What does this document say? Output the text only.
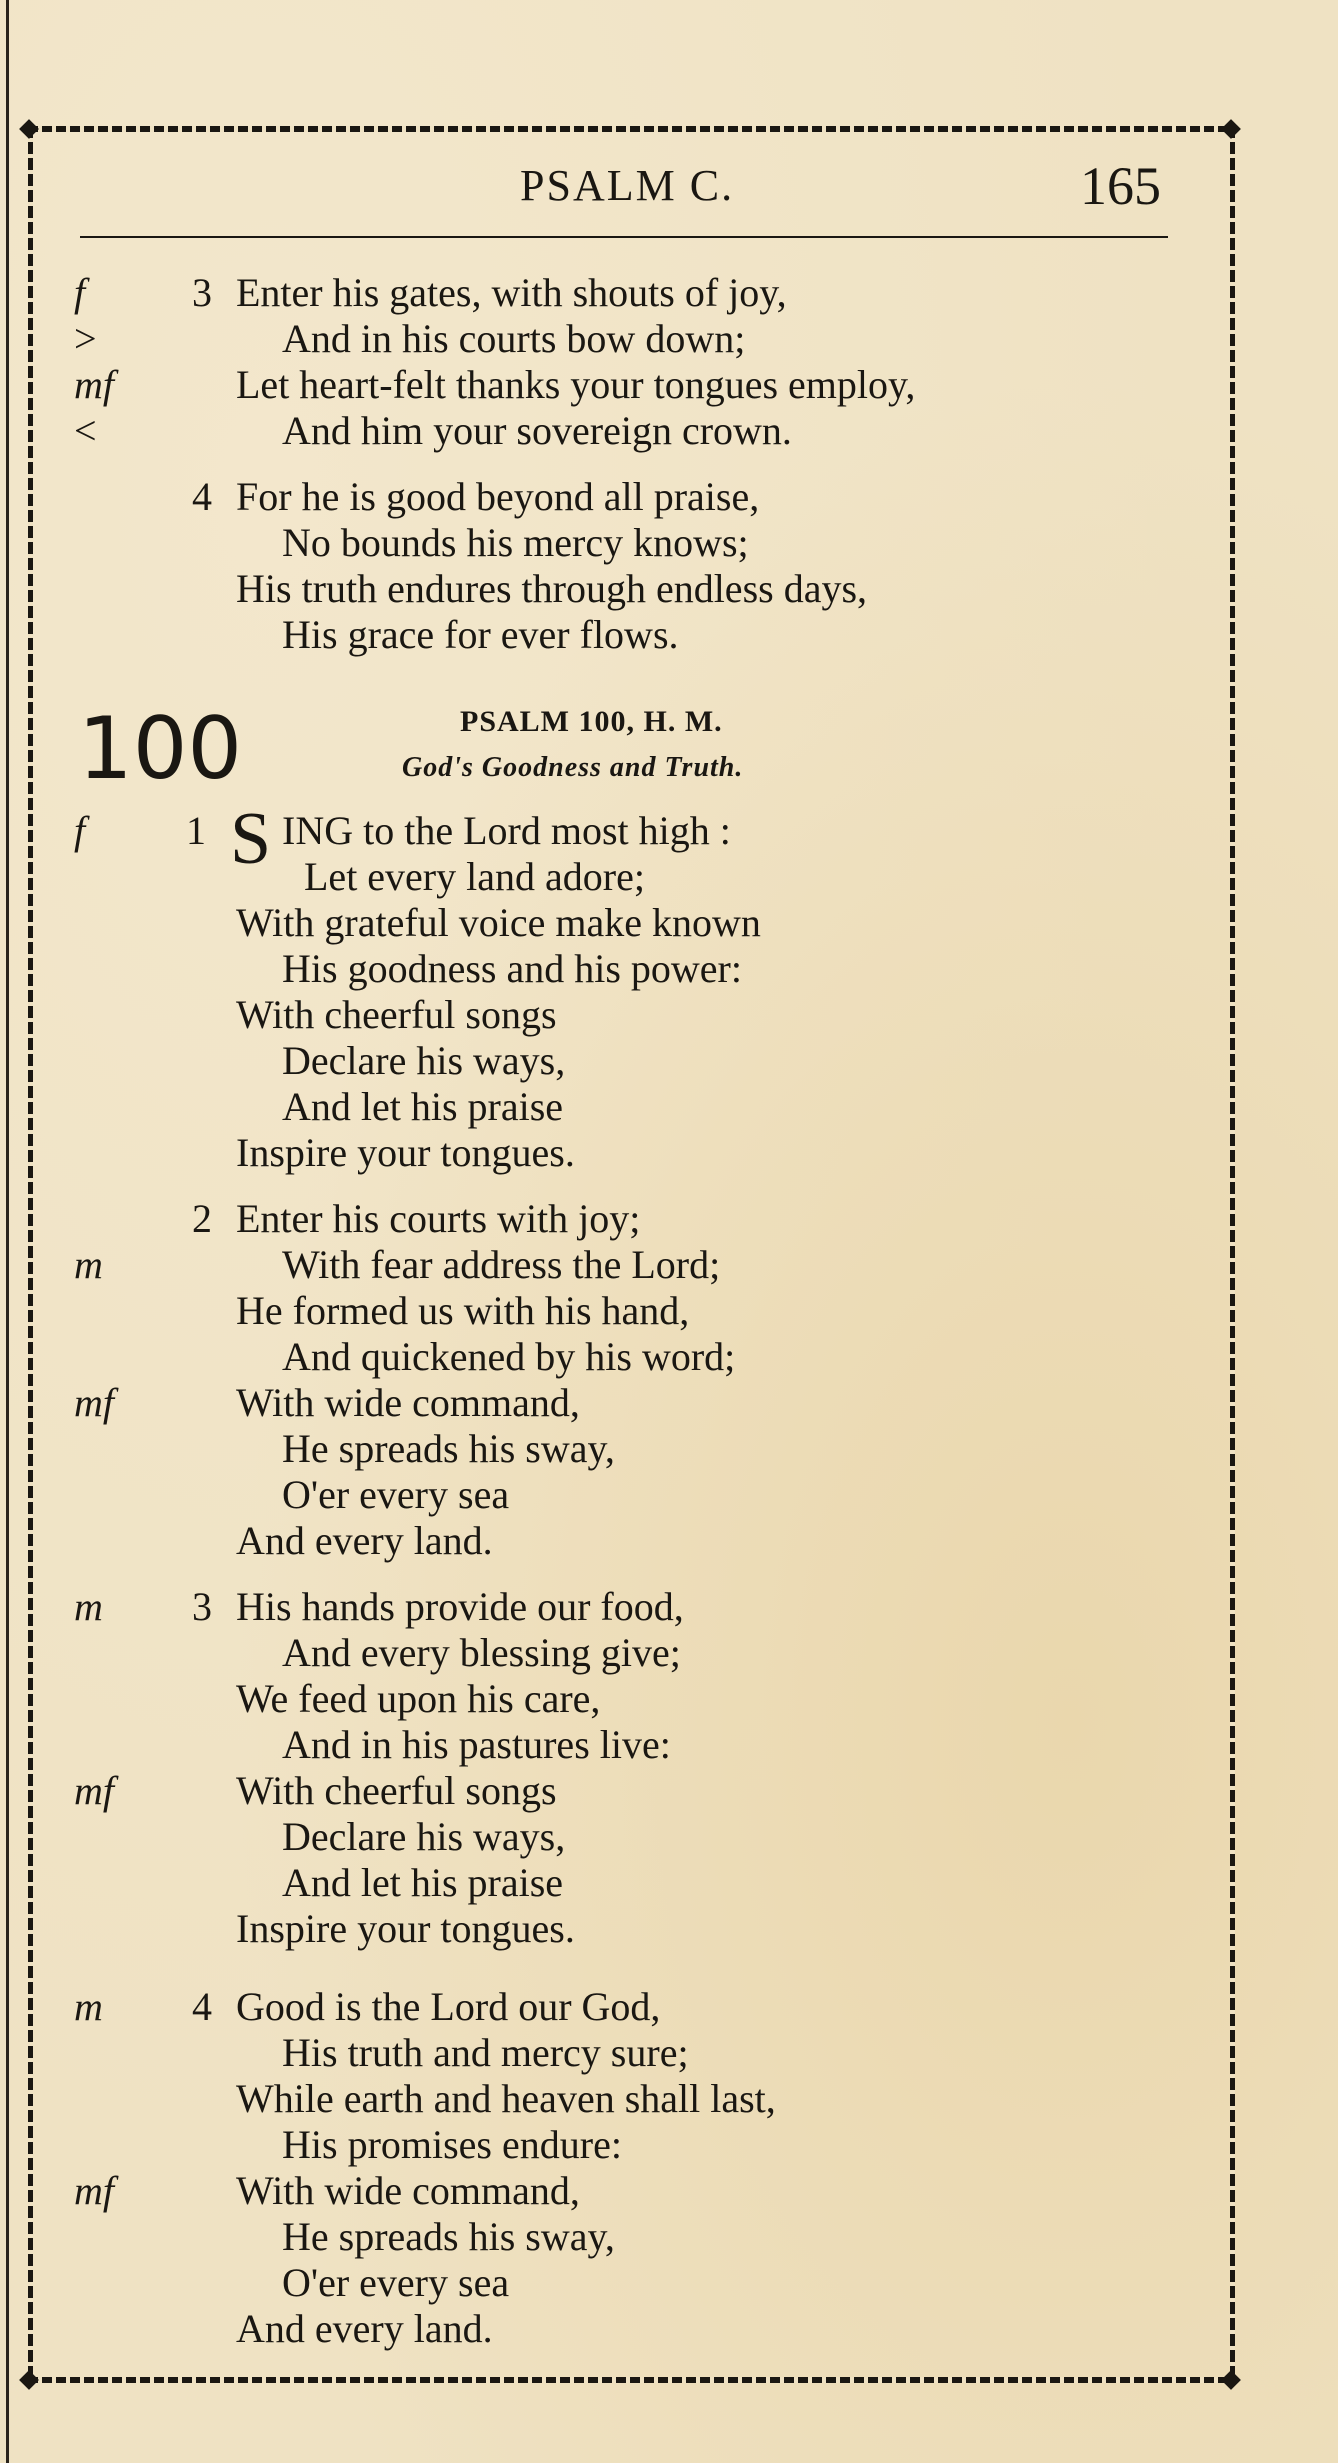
PSALM C.	165
3
f	Enter his gates, with shouts of joy,
>	And in his courts bow down;
mf	Let heart-felt thanks your tongues employ,
<	And him your sovereign crown.
4 For he is good beyond all praise,
No bounds his mercy knows;
His truth endures through endless days,
His grace for ever flows.
100	PSALM 100, H. M.
God's Goodness and Truth.
f	1 S ING to the Lord most high :
Let every land adore;
With grateful voice make known
His goodness and his power:
With cheerful songs
Declare his ways,
And let his praise
Inspire your tongues.
2 Enter his courts with joy;
m	With fear address the Lord;
He formed us with his hand,
And quickened by his word;
mf	With wide command,
He spreads his sway,
O'er every sea
And every land.
m 3 His hands provide our food,
And every blessing give;
We feed upon his care,
And in his pastures live:
mf	With cheerful songs
Declare his ways,
And let his praise
Inspire your tongues.
m 4 Good is the Lord our God,
His truth and mercy sure;
While earth and heaven shall last,
His promises endure:
mf	With wide command,
He spreads his sway,
O'er every sea
And every land.
